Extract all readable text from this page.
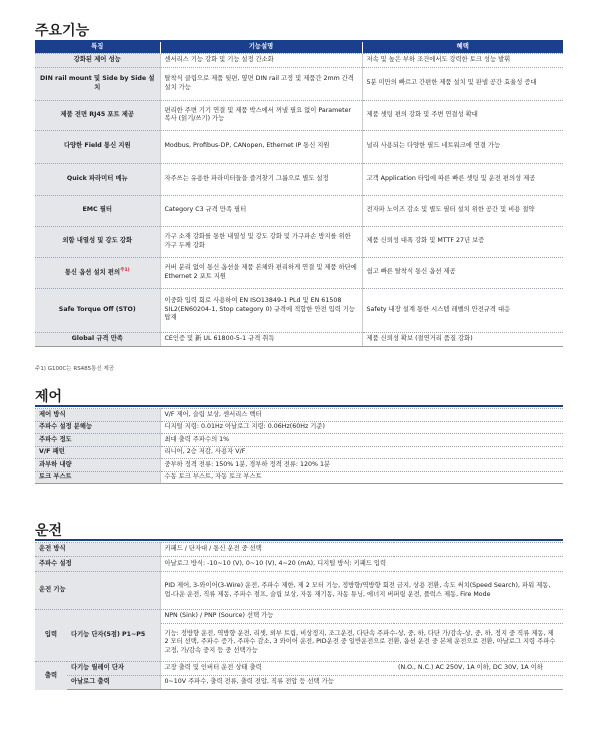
주요기능
특징	기능설명	혜택
강화된 제어 성능	센서리스 기능 강화 및 기능 설정 간소화	저속 및 높은 부하 조건에서도 강력한 토크 성능 발휘
DIN rail mount 및 Side by Side 설치	탈착식 클립으로 제품 뒷편, 옆면 DIN rail 고정 및 제품간 2mm 간격 설치 가능	5분 미만의 빠르고 간편한 제품 설치 및 판넬 공간 효율성 증대
제품 전면 RJ45 포트 제공	편리한 주변 기기 연결 및 제품 박스에서 꺼낼 필요 없이 Parameter 복사 (읽기/쓰기) 가능	제품 셋팅 편의 강화 및 주변 연결성 확대
다양한 Field 통신 지원	Modbus, Profibus-DP, CANopen, Ethernet IP 통신 지원	널리 사용되는 다양한 필드 네트워크에 연결 가능
Quick 파라미터 메뉴	자주쓰는 유용한 파라미터들을 즐겨찾기 그룹으로 별도 설정	고객 Application 타입에 따른 빠른 셋팅 및 운전 편의성 제공
EMC 필터	Category C3 규격 만족 필터	전자파 노이즈 감소 및 별도 필터 설치 위한 공간 및 비용 절약
외함 내열성 및 강도 강화	가구 소재 강화를 통한 내열성 및 강도 강화 및 가구파손 방지를 위한 가구 두께 강화	제품 신뢰성 대폭 강화 및 MTTF 27년 보증
통신 옵션 설치 편의$^{주1)}$	커버 분리 없이 통신 옵션을 제품 본체와 편리하게 연결 및 제품 하단에 Ethernet 2 포트 지원	쉽고 빠른 탈착식 통신 옵션 제공
Safe Torque Off (STO)	이중화 입력 회로 사용하여 EN ISO13849-1 PLd 및 EN 61508 SIL2(EN60204-1, Stop category 0) 규격에 적합한 안전 입력 기능 탑재	Safety 내장 설계 통한 시스템 레벨의 안전규격 대응
Global 규격 만족	CE인증 및 新 UL 61800-5-1 규격 취득	제품 신뢰성 확보 (절연거리 품질 강화)
주1) G100C는 RS485통신 제공
제어
제어 방식	V/F 제어, 슬립 보상, 센서리스 벡터
주파수 설정 분해능	디지털 지령: 0.01Hz 아날로그 지령: 0.06Hz(60Hz 기준)
주파수 정도	최대 출력 주파수의 1%
V/F 패턴	리니어, 2승 저감, 사용자 V/F
과부하 내량	중부하 정격 전류: 150% 1분, 경부하 정격 전류: 120% 1분
토크 부스트	수동 토크 부스트, 자동 토크 부스트
운전
운전 방식		키패드 / 단자대 / 통신 운전 중 선택	
주파수 설정		아날로그 방식: -10~10 (V), 0~10 (V), 4~20 (mA), 디지털 방식: 키패드 입력	
운전 기능		PID 제어, 3-와이어(3-Wire) 운전, 주파수 제한, 제 2 모터 기능, 정방향/역방향 회전 금지, 상용 전환, 속도 써치(Speed Search), 파워 제동, 업-다운 운전, 직류 제동, 주파수 점프, 슬립 보상, 자동 재기동, 자동 튜닝, 에너지 버퍼링 운전, 플럭스 제동, Fire Mode	
입력	다기능 단자(5점) P1~P5	NPN (Sink) / PNP (Source) 선택 가능	
		기능: 정방향 운전, 역방향 운전, 리셋, 외부 트립, 비상정지, 조그운전, 다단속 주파수-상, 중, 하, 다단 가/감속-상, 중, 하, 정지 중 직류 제동, 제 2 모터 선택, 주파수 증가, 주파수 감소, 3 와이어 운전, PID운전 중 일반운전으로 전환, 옵션 운전 중 본체 운전으로 전환, 아날로그 지령 주파수 고정, 가/감속 중지 등 중 선택가능	
출력	다기능 릴레이 단자	고장 출력 및 인버터 운전 상태 출력	(N.O., N.C.) AC 250V, 1A 이하, DC 30V, 1A 이하
	아날로그 출력	0~10V 주파수, 출력 전류, 출력 전압, 직류 전압 등 선택 가능	
